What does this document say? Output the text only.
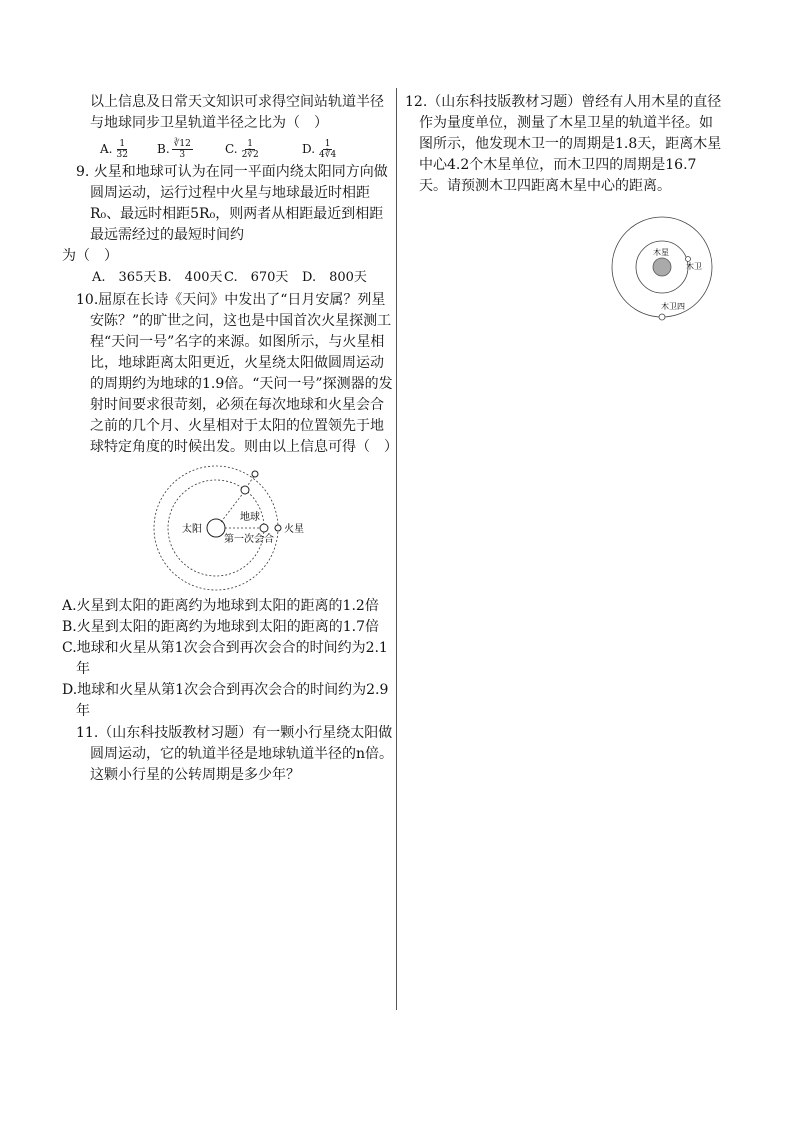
以上信息及日常天文知识可求得空间站轨道半径与地球同步卫星轨道半径之比为（　）

A. $\frac{1}{32} B$. $\frac{∛12}{3}$	C. $\frac{1}{2∛2}$	D. $\frac{1}{4∛4}$

9. 火星和地球可认为在同一平面内绕太阳同方向做圆周运动，运行过程中火星与地球最近时相距R₀、最远时相距5R₀，则两者从相距最近到相距最远需经过的最短时间约

为（　）

A.　365天 B.　400天 C.　670天	D.　800天

10.屈原在长诗《天问》中发出了“日月安属？列星安陈？”的旷世之问，这也是中国首次火星探测工程“天问一号”名字的来源。如图所示，与火星相比，地球距离太阳更近，火星绕太阳做圆周运动的周期约为地球的1.9倍。“天问一号”探测器的发射时间要求很苛刻，必须在每次地球和火星会合之前的几个月、火星相对于太阳的位置领先于地球特定角度的时候出发。则由以上信息可得（　）

太阳
地球
火星
第一次会合

A.火星到太阳的距离约为地球到太阳的距离的1.2倍

B.火星到太阳的距离约为地球到太阳的距离的1.7倍

C.地球和火星从第1次会合到再次会合的时间约为2.1年

D.地球和火星从第1次会合到再次会合的时间约为2.9年

11.（山东科技版教材习题）有一颗小行星绕太阳做圆周运动，它的轨道半径是地球轨道半径的n倍。这颗小行星的公转周期是多少年？

12.（山东科技版教材习题）曾经有人用木星的直径作为量度单位，测量了木星卫星的轨道半径。如图所示，他发现木卫一的周期是1.8天，距离木星中心4.2个木星单位，而木卫四的周期是16.7天。请预测木卫四距离木星中心的距离。

木星
木卫
木卫四
